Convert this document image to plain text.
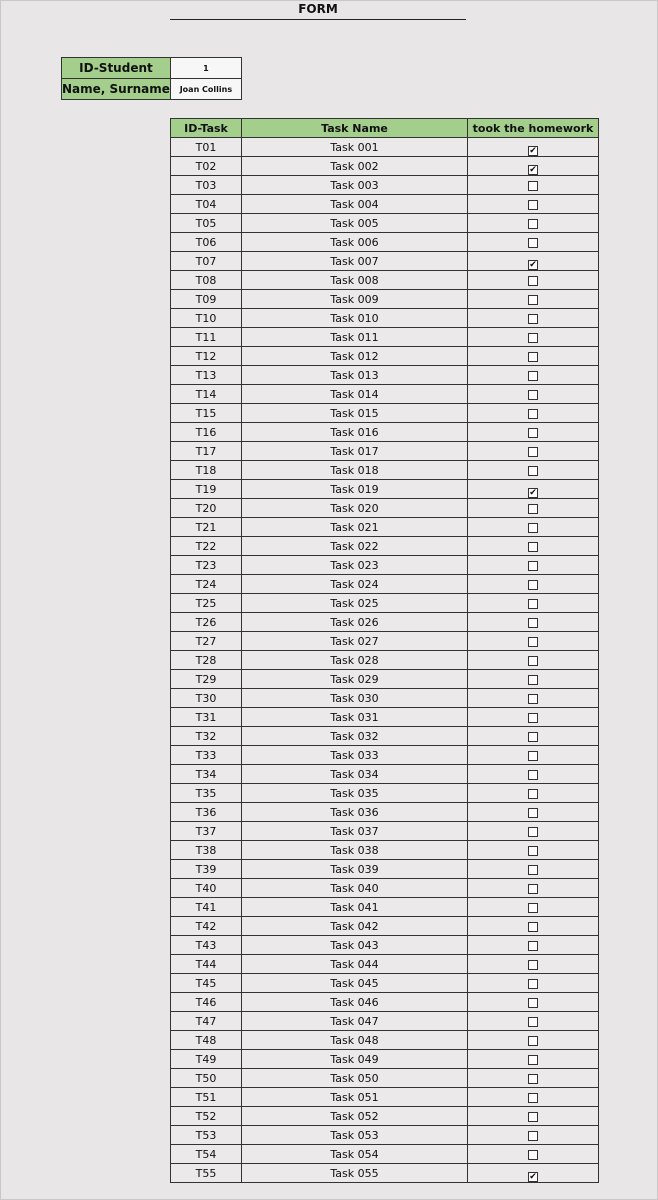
FORM
ID-Student	1
Name, Surname	Joan Collins
ID-Task	Task Name	took the homework
T01	Task 001	✔
T02	Task 002	✔
T03	Task 003	
T04	Task 004	
T05	Task 005	
T06	Task 006	
T07	Task 007	✔
T08	Task 008	
T09	Task 009	
T10	Task 010	
T11	Task 011	
T12	Task 012	
T13	Task 013	
T14	Task 014	
T15	Task 015	
T16	Task 016	
T17	Task 017	
T18	Task 018	
T19	Task 019	✔
T20	Task 020	
T21	Task 021	
T22	Task 022	
T23	Task 023	
T24	Task 024	
T25	Task 025	
T26	Task 026	
T27	Task 027	
T28	Task 028	
T29	Task 029	
T30	Task 030	
T31	Task 031	
T32	Task 032	
T33	Task 033	
T34	Task 034	
T35	Task 035	
T36	Task 036	
T37	Task 037	
T38	Task 038	
T39	Task 039	
T40	Task 040	
T41	Task 041	
T42	Task 042	
T43	Task 043	
T44	Task 044	
T45	Task 045	
T46	Task 046	
T47	Task 047	
T48	Task 048	
T49	Task 049	
T50	Task 050	
T51	Task 051	
T52	Task 052	
T53	Task 053	
T54	Task 054	
T55	Task 055	✔
